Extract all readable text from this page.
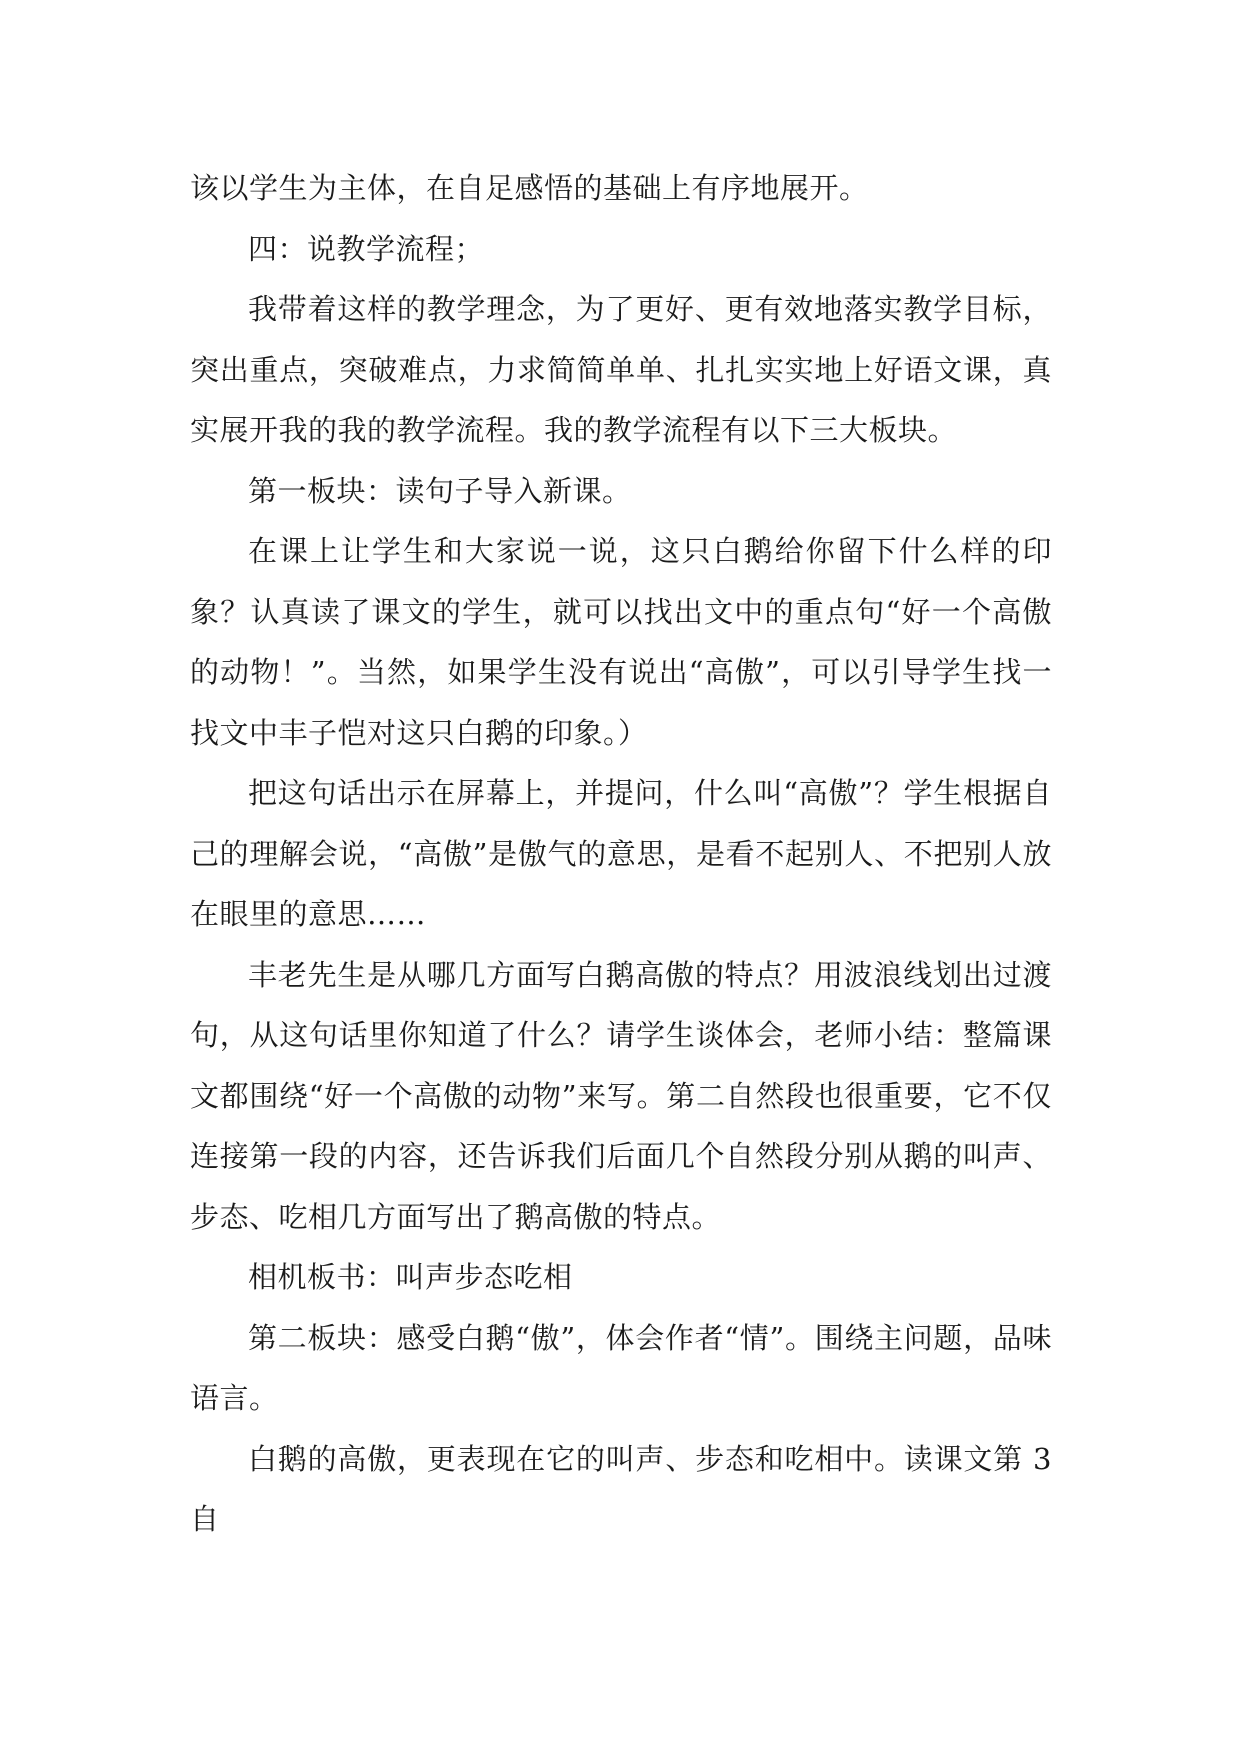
该以学生为主体，在自足感悟的基础上有序地展开。

四：说教学流程；

我带着这样的教学理念，为了更好、更有效地落实教学目标，突出重点，突破难点，力求简简单单、扎扎实实地上好语文课，真实展开我的我的教学流程。我的教学流程有以下三大板块。

第一板块：读句子导入新课。

在课上让学生和大家说一说，这只白鹅给你留下什么样的印象？认真读了课文的学生，就可以找出文中的重点句“好一个高傲的动物！”。当然，如果学生没有说出“高傲”，可以引导学生找一找文中丰子恺对这只白鹅的印象。）

把这句话出示在屏幕上，并提问，什么叫“高傲”？学生根据自己的理解会说，“高傲”是傲气的意思，是看不起别人、不把别人放在眼里的意思……

丰老先生是从哪几方面写白鹅高傲的特点？用波浪线划出过渡句，从这句话里你知道了什么？请学生谈体会，老师小结：整篇课文都围绕“好一个高傲的动物”来写。第二自然段也很重要，它不仅连接第一段的内容，还告诉我们后面几个自然段分别从鹅的叫声、步态、吃相几方面写出了鹅高傲的特点。

相机板书：叫声步态吃相

第二板块：感受白鹅“傲”，体会作者“情”。围绕主问题，品味语言。

白鹅的高傲，更表现在它的叫声、步态和吃相中。读课文第 3 自
